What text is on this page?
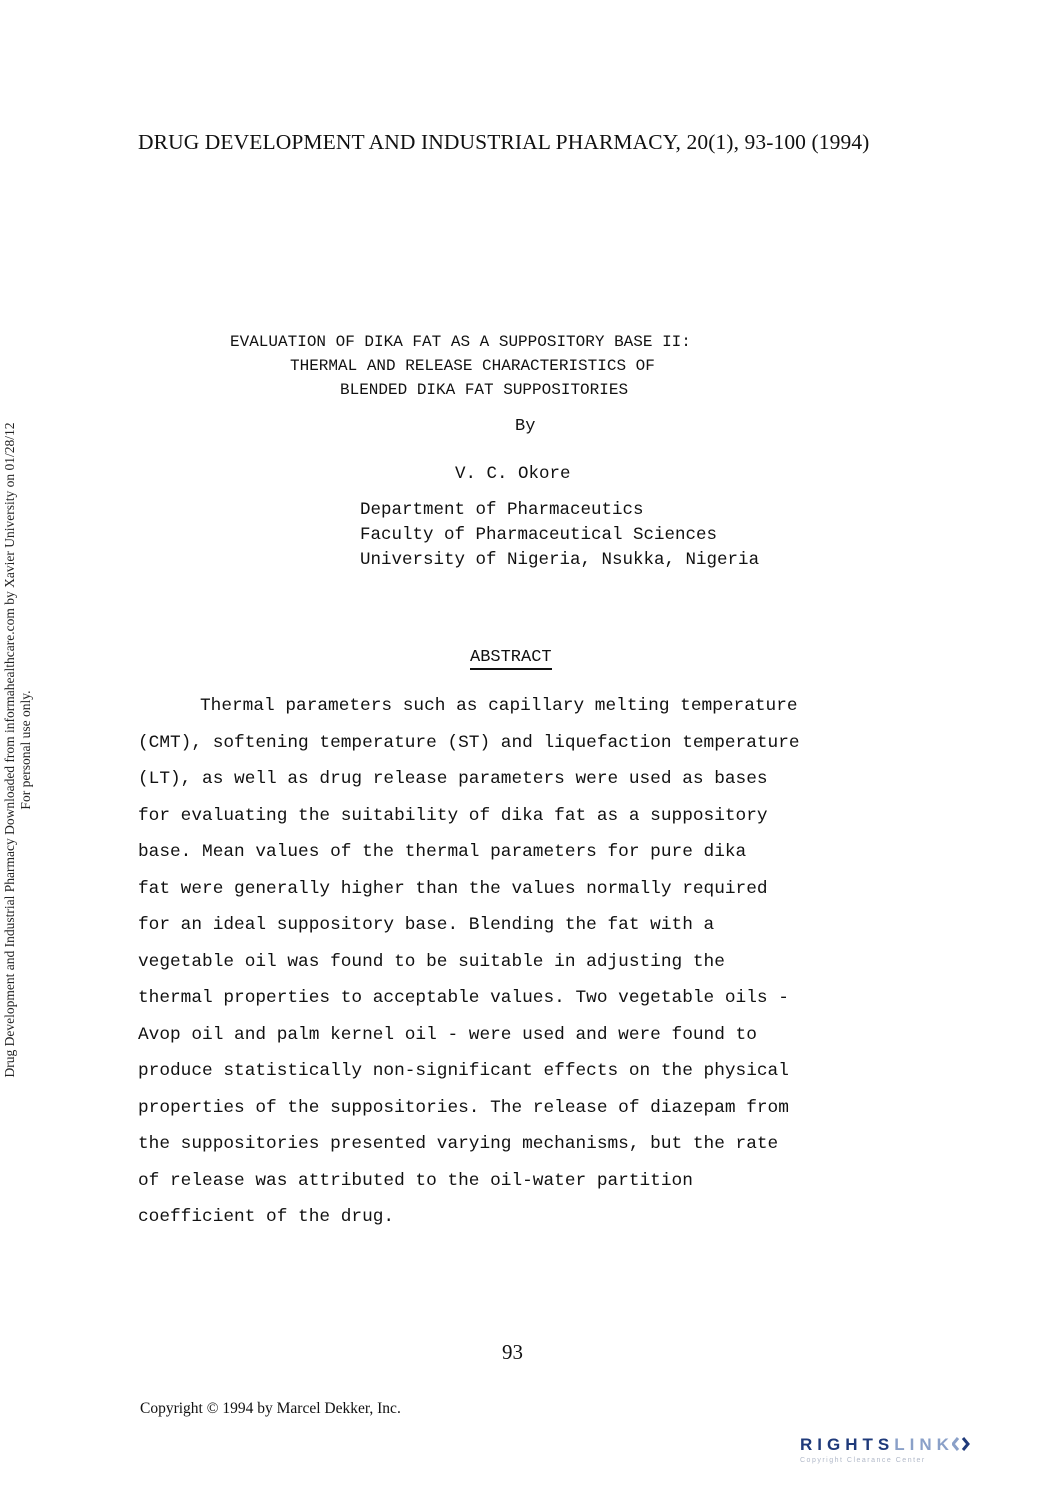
DRUG DEVELOPMENT AND INDUSTRIAL PHARMACY, 20(1), 93-100 (1994)
Drug Development and Industrial Pharmacy Downloaded from informahealthcare.com by Xavier University on 01/28/12 For personal use only.
EVALUATION OF DIKA FAT AS A SUPPOSITORY BASE II:
THERMAL AND RELEASE CHARACTERISTICS OF
BLENDED DIKA FAT SUPPOSITORIES
By
V. C. Okore
Department of Pharmaceutics
Faculty of Pharmaceutical Sciences
University of Nigeria, Nsukka, Nigeria
ABSTRACT
Thermal parameters such as capillary melting temperature
(CMT), softening temperature (ST) and liquefaction temperature
(LT), as well as drug release parameters were used as bases
for evaluating the suitability of dika fat as a suppository
base. Mean values of the thermal parameters for pure dika
fat were generally higher than the values normally required
for an ideal suppository base. Blending the fat with a
vegetable oil was found to be suitable in adjusting the
thermal properties to acceptable values. Two vegetable oils -
Avop oil and palm kernel oil - were used and were found to
produce statistically non-significant effects on the physical
properties of the suppositories. The release of diazepam from
the suppositories presented varying mechanisms, but the rate
of release was attributed to the oil-water partition
coefficient of the drug.
93
Copyright © 1994 by Marcel Dekker, Inc.
RIGHTSLINK
Copyright Clearance Center
